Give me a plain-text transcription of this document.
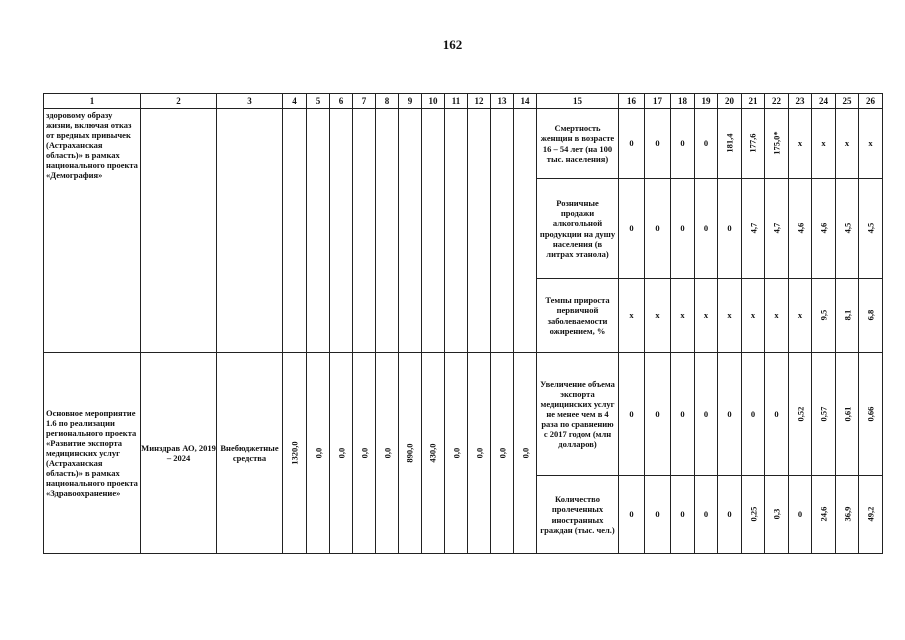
162
1	2	3	4	5	6	7	8	9	10	11	12	13	14	15	16	17	18	19	20	21	22	23	24	25	26
здоровому образу жизни, включая отказ от вредных привычек (Астраханская область)» в рамках национального проекта «Демография»														Смертность женщин в возрасте 16 – 54 лет (на 100 тыс. населения)	0	0	0	0	181,4	177,6	175,0*	x	x	x	x
														Розничные продажи алкогольной продукции на душу населения (в литрах этанола)	0	0	0	0	0	4,7	4,7	4,6	4,6	4,5	4,5
														Темпы прироста первичной заболеваемости ожирением, %	x	x	x	x	x	x	x	x	9,5	8,1	6,8
Основное мероприятие 1.6 по реализации регионального проекта «Развитие экспорта медицинских услуг (Астраханская область)» в рамках национального проекта «Здравоохранение»	Минздрав АО, 2019 – 2024	Внебюджетные средства	1320,0	0,0	0,0	0,0	0,0	890,0	430,0	0,0	0,0	0,0	0,0	Увеличение объема экспорта медицинских услуг не менее чем в 4 раза по сравнению с 2017 годом (млн долларов)	0	0	0	0	0	0	0	0,52	0,57	0,61	0,66
														Количество пролеченных иностранных граждан (тыс. чел.)	0	0	0	0	0	0,25	0,3	0	24,6	36,9	49,2
